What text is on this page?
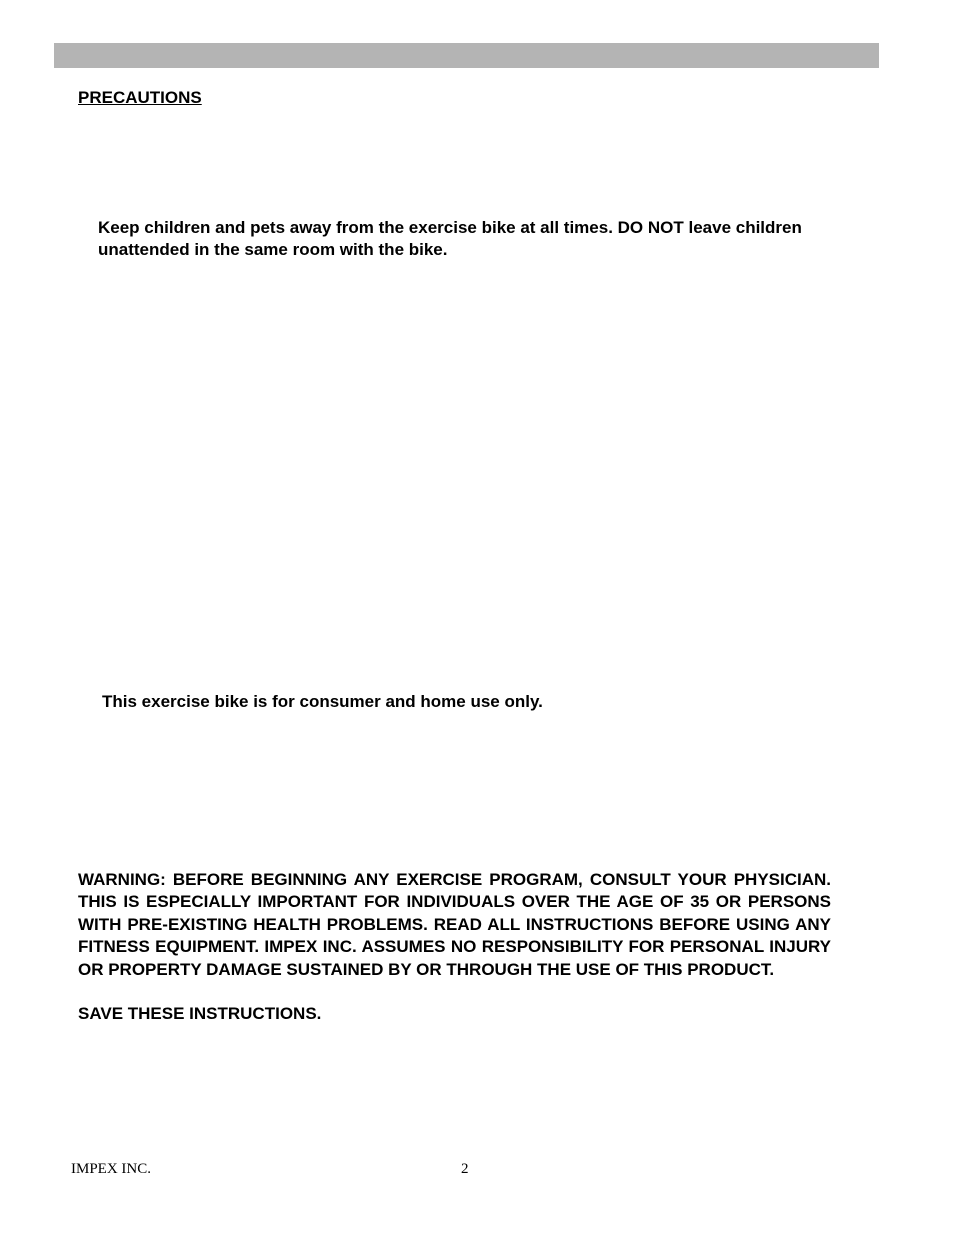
PRECAUTIONS

Keep children and pets away from the exercise bike at all times. DO NOT leave children unattended in the same room with the bike.

This exercise bike is for consumer and home use only.

WARNING: BEFORE BEGINNING ANY EXERCISE PROGRAM, CONSULT YOUR PHYSICIAN. THIS IS ESPECIALLY IMPORTANT FOR INDIVIDUALS OVER THE AGE OF 35 OR PERSONS WITH PRE-EXISTING HEALTH PROBLEMS. READ ALL INSTRUCTIONS BEFORE USING ANY FITNESS EQUIPMENT. IMPEX INC. ASSUMES NO RESPONSIBILITY FOR PERSONAL INJURY OR PROPERTY DAMAGE SUSTAINED BY OR THROUGH THE USE OF THIS PRODUCT.

SAVE THESE INSTRUCTIONS.

IMPEX INC.	2
